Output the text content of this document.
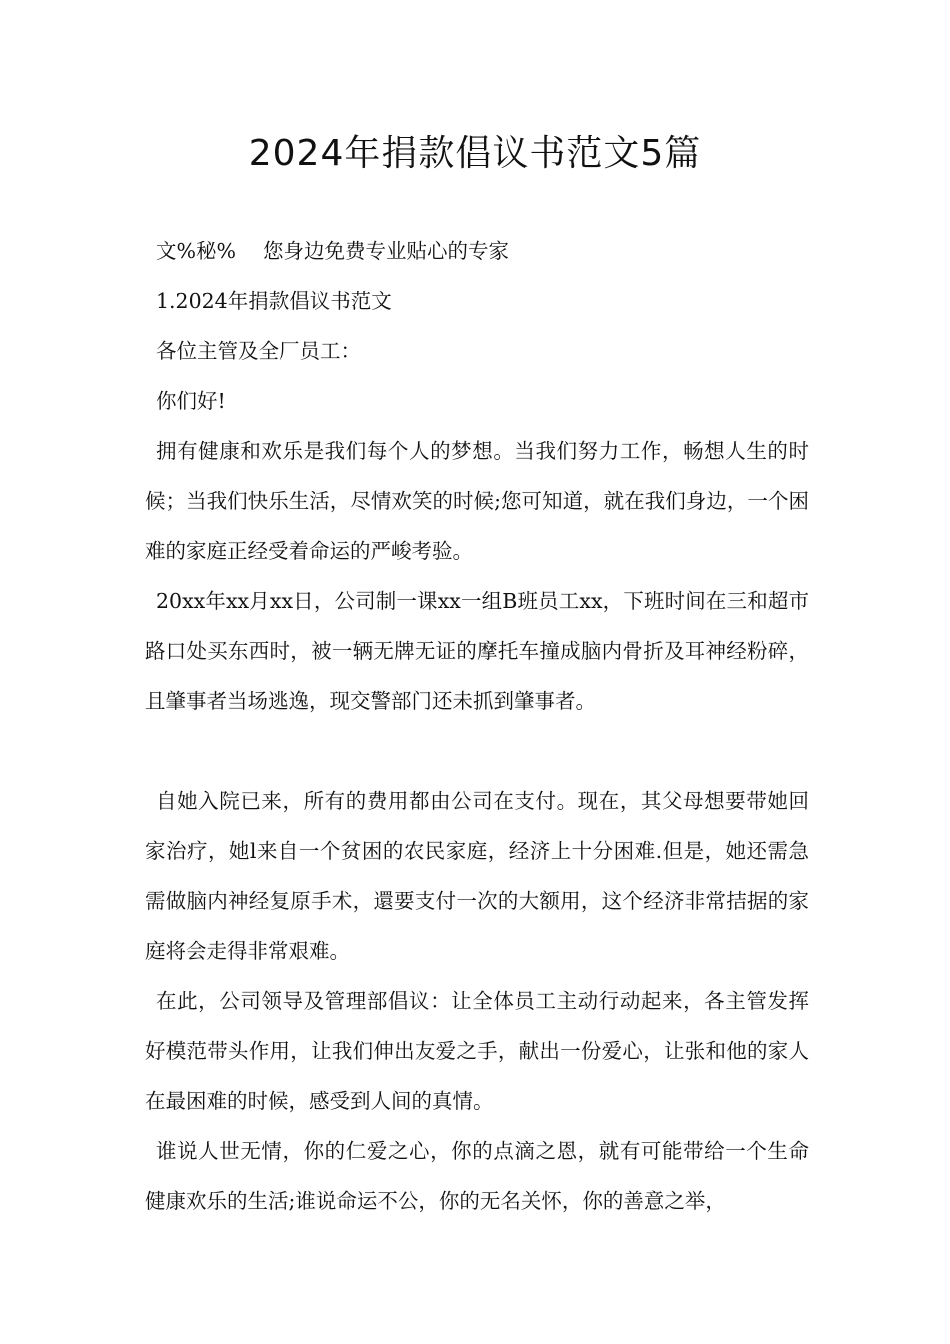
2024年捐款倡议书范文5篇

文%秘%　 您身边免费专业贴心的专家

1.2024年捐款倡议书范文

各位主管及全厂员工：

你们好!

拥有健康和欢乐是我们每个人的梦想。当我们努力工作，畅想人生的时候；当我们快乐生活，尽情欢笑的时候;您可知道，就在我们身边，一个困难的家庭正经受着命运的严峻考验。

20xx年xx月xx日，公司制一课xx一组B班员工xx，下班时间在三和超市路口处买东西时，被一辆无牌无证的摩托车撞成脑内骨折及耳神经粉碎，且肇事者当场逃逸，现交警部门还未抓到肇事者。

自她入院已来，所有的费用都由公司在支付。现在，其父母想要带她回家治疗，她l来自一个贫困的农民家庭，经济上十分困难.但是，她还需急需做脑内神经复原手术，還要支付一次的大额用，这个经济非常拮据的家庭将会走得非常艰难。

在此，公司领导及管理部倡议：让全体员工主动行动起来，各主管发挥好模范带头作用，让我们伸出友爱之手，献出一份爱心，让张和他的家人在最困难的时候，感受到人间的真情。

谁说人世无情，你的仁爱之心，你的点滴之恩，就有可能带给一个生命健康欢乐的生活;谁说命运不公，你的无名关怀，你的善意之举，
